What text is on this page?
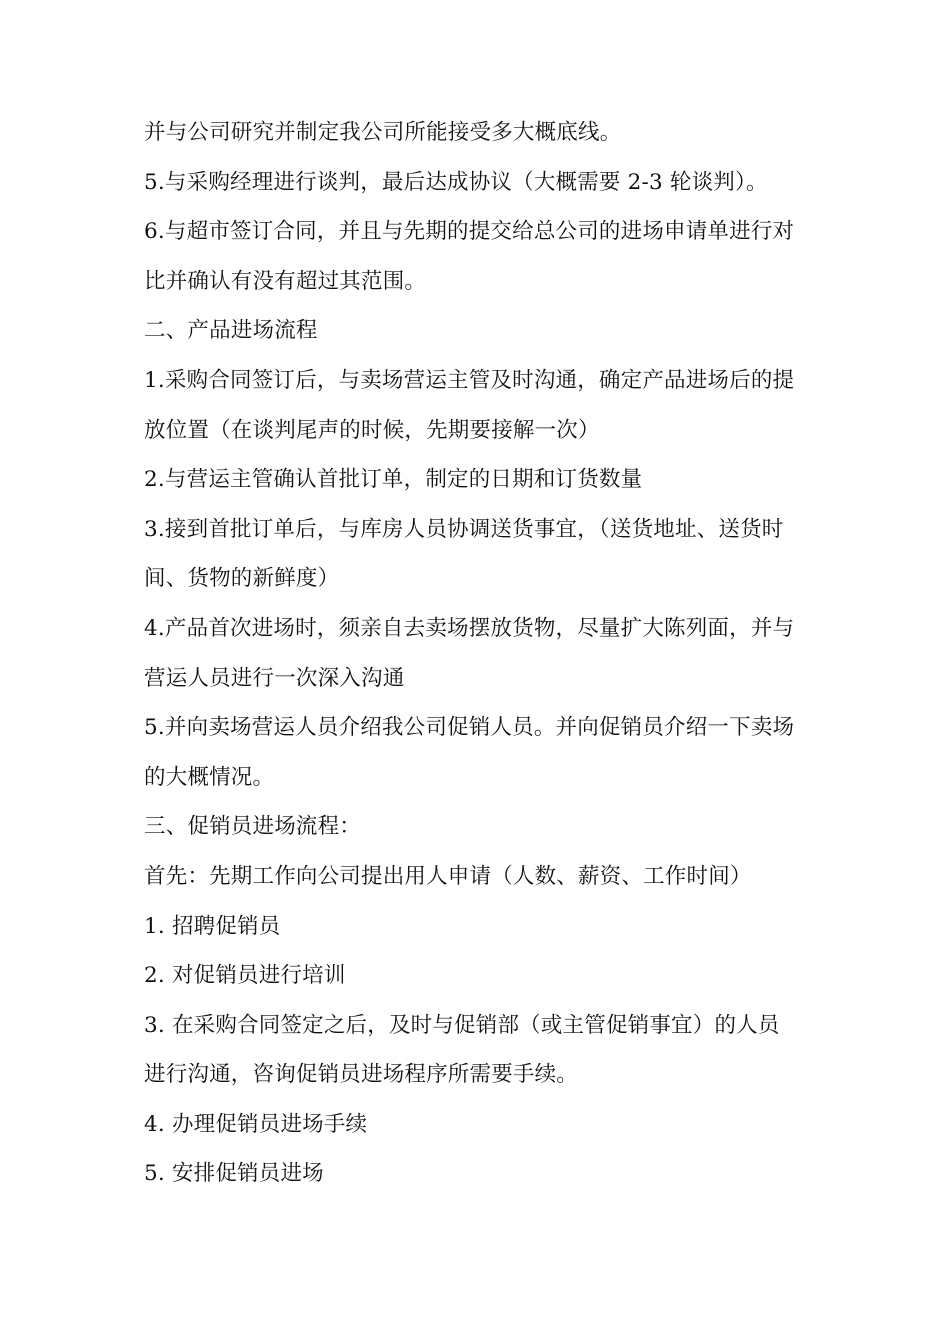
并与公司研究并制定我公司所能接受多大概底线。
5.与采购经理进行谈判，最后达成协议（大概需要 2-3 轮谈判）。
6.与超市签订合同，并且与先期的提交给总公司的进场申请单进行对
比并确认有没有超过其范围。
二、产品进场流程
1.采购合同签订后，与卖场营运主管及时沟通，确定产品进场后的提
放位置（在谈判尾声的时候，先期要接解一次）
2.与营运主管确认首批订单，制定的日期和订货数量
3.接到首批订单后，与库房人员协调送货事宜，（送货地址、送货时
间、货物的新鲜度）
4.产品首次进场时，须亲自去卖场摆放货物，尽量扩大陈列面，并与
营运人员进行一次深入沟通
5.并向卖场营运人员介绍我公司促销人员。并向促销员介绍一下卖场
的大概情况。
三、促销员进场流程：
首先：先期工作向公司提出用人申请（人数、薪资、工作时间）
1. 招聘促销员
2. 对促销员进行培训
3. 在采购合同签定之后，及时与促销部（或主管促销事宜）的人员
进行沟通，咨询促销员进场程序所需要手续。
4. 办理促销员进场手续
5. 安排促销员进场
